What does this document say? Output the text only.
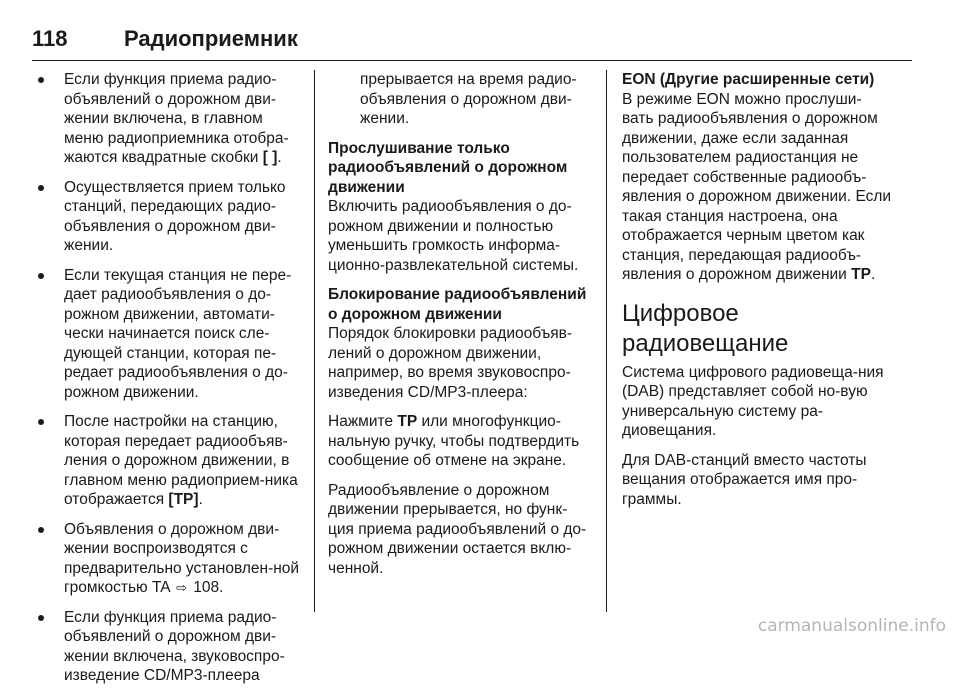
118	Радиоприемник
Если функция приема радио-объявлений о дорожном дви-жении включена, в главном меню радиоприемника отобра-жаются квадратные скобки [ ].
Осуществляется прием только станций, передающих радио-объявления о дорожном дви-жении.
Если текущая станция не пере-дает радиообъявления о до-рожном движении, автомати-чески начинается поиск сле-дующей станции, которая пе-редает радиообъявления о до-рожном движении.
После настройки на станцию, которая передает радиообъяв-ления о дорожном движении, в главном меню радиоприем-ника отображается [TP].
Объявления о дорожном дви-жении воспроизводятся с предварительно установлен-ной громкостью TA ⇨ 108.
Если функция приема радио-объявлений о дорожном дви-жении включена, звуковоспро-изведение CD/MP3-плеера

прерывается на время радио-объявления о дорожном дви-жении.

Прослушивание только радиообъявлений о дорожном движении

Включить радиообъявления о до-рожном движении и полностью уменьшить громкость информа-ционно-развлекательной системы.

Блокирование радиообъявлений о дорожном движении

Порядок блокировки радиообъяв-лений о дорожном движении, например, во время звуковоспро-изведения CD/MP3-плеера:

Нажмите TP или многофункцио-нальную ручку, чтобы подтвердить сообщение об отмене на экране.

Радиообъявление о дорожном движении прерывается, но функ-ция приема радиообъявлений о до-рожном движении остается вклю-ченной.

EON (Другие расширенные сети)

В режиме EON можно прослуши-вать радиообъявления о дорожном движении, даже если заданная пользователем радиостанция не передает собственные радиообъ-явления о дорожном движении. Если такая станция настроена, она отображается черным цветом как станция, передающая радиообъ-явления о дорожном движении TP.

Цифровое радиовещание

Система цифрового радиовеща-ния (DAB) представляет собой но-вую универсальную систему ра-диовещания.

Для DAB-станций вместо частоты вещания отображается имя про-граммы.

carmanualsonline.info
